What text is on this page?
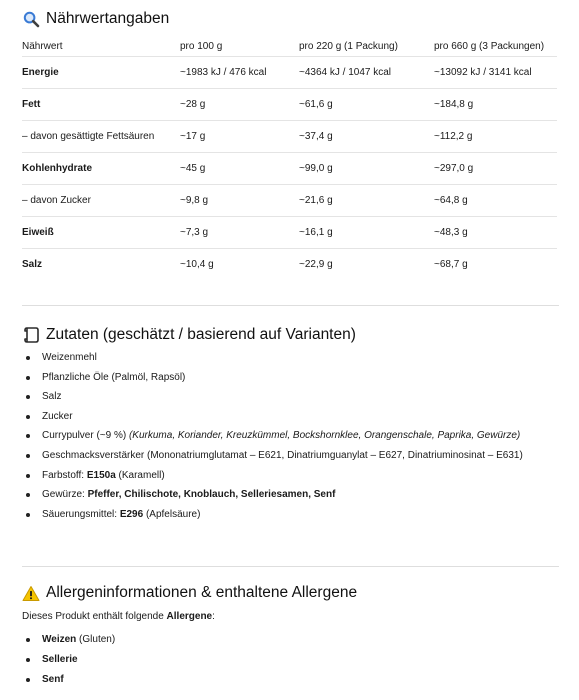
Nährwertangaben
Nährwert	pro 100 g	pro 220 g (1 Packung)	pro 660 g (3 Packungen)
Energie	~1983 kJ / 476 kcal	~4364 kJ / 1047 kcal	~13092 kJ / 3141 kcal
Fett	~28 g	~61,6 g	~184,8 g
– davon gesättigte Fettsäuren	~17 g	~37,4 g	~112,2 g
Kohlenhydrate	~45 g	~99,0 g	~297,0 g
– davon Zucker	~9,8 g	~21,6 g	~64,8 g
Eiweiß	~7,3 g	~16,1 g	~48,3 g
Salz	~10,4 g	~22,9 g	~68,7 g
Zutaten (geschätzt / basierend auf Varianten)
Weizenmehl
Pflanzliche Öle (Palmöl, Rapsöl)
Salz
Zucker
Currypulver (~9 %) (Kurkuma, Koriander, Kreuzkümmel, Bockshornklee, Orangenschale, Paprika, Gewürze)
Geschmacksverstärker (Mononatriumglutamat – E621, Dinatriumguanylat – E627, Dinatriuminosinat – E631)
Farbstoff: E150a (Karamell)
Gewürze: Pfeffer, Chilischote, Knoblauch, Selleriesamen, Senf
Säuerungsmittel: E296 (Apfelsäure)
Allergeninformationen & enthaltene Allergene
Dieses Produkt enthält folgende Allergene:
Weizen (Gluten)
Sellerie
Senf
